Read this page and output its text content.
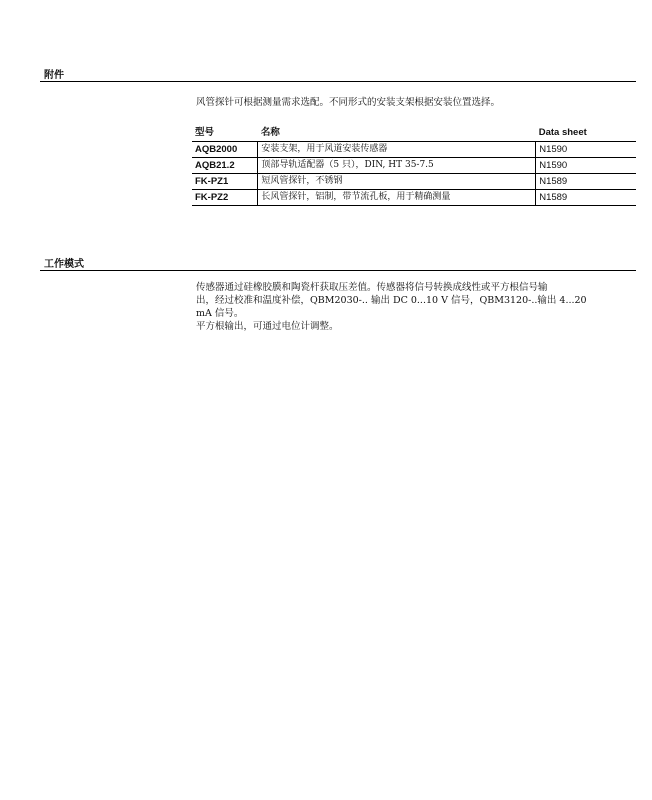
附件
风管探针可根据测量需求选配。不同形式的安装支架根据安装位置选择。
型号	名称	Data sheet
AQB2000	安装支架，用于风道安装传感器	N1590
AQB21.2	顶部导轨适配器（5 只），DIN, HT 35-7.5	N1590
FK-PZ1	短风管探针，不锈钢	N1589
FK-PZ2	长风管探针，铝制，带节流孔板，用于精确测量	N1589
工作模式
传感器通过硅橡胶膜和陶瓷杆获取压差值。传感器将信号转换成线性或平方根信号输
出，经过校准和温度补偿，QBM2030-.. 输出 DC 0...10 V 信号，QBM3120-..输出 4...20
mA 信号。
平方根输出，可通过电位计调整。
